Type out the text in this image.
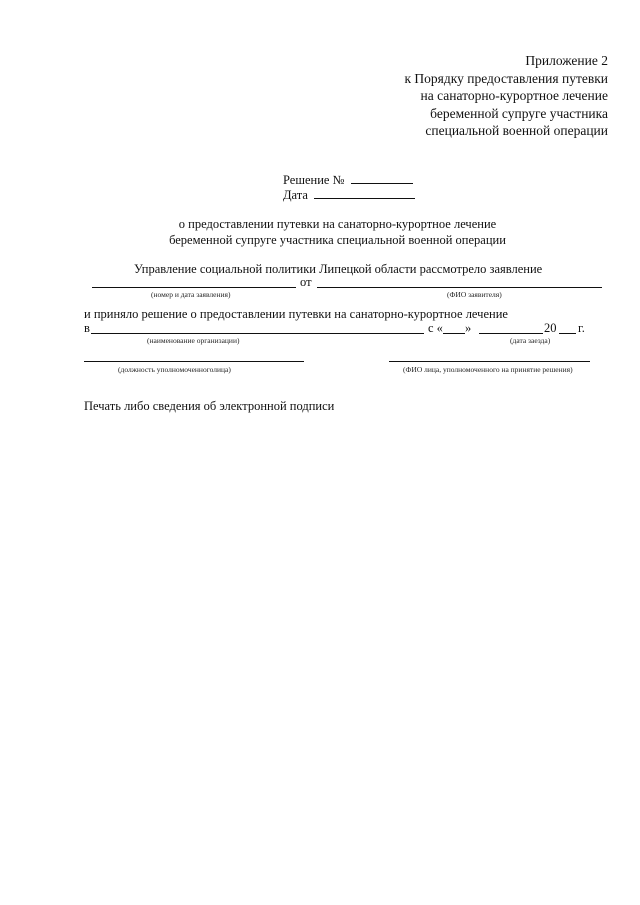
Приложение 2
к Порядку предоставления путевки
на санаторно-курортное лечение
беременной супруге участника
специальной военной операции
Решение №
Дата
о предоставлении путевки на санаторно-курортное лечение
беременной супруге участника специальной военной операции
Управление социальной политики Липецкой области рассмотрело заявление
от
(номер и дата заявления)	(ФИО заявителя)
и приняло решение о предоставлении путевки на санаторно-курортное лечение
в	с « »	20 г.
(наименование организации)	(дата заезда)
(должность уполномоченноголица)	(ФИО лица, уполномоченного на принятие решения)
Печать либо сведения об электронной подписи
